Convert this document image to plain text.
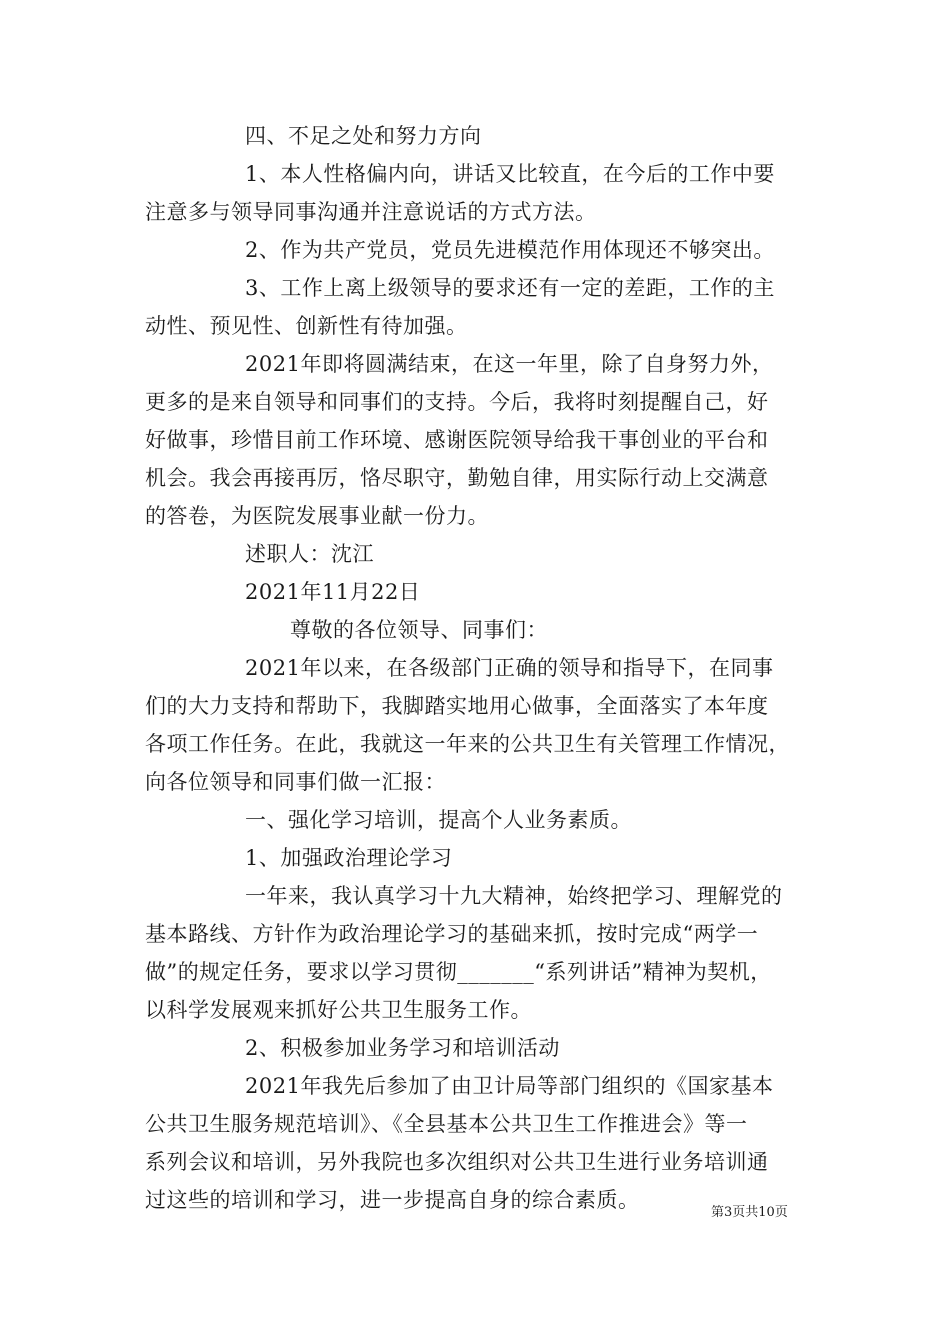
四、不足之处和努力方向
1、本人性格偏内向，讲话又比较直，在今后的工作中要
注意多与领导同事沟通并注意说话的方式方法。
2、作为共产党员，党员先进模范作用体现还不够突出。
3、工作上离上级领导的要求还有一定的差距，工作的主
动性、预见性、创新性有待加强。
2021年即将圆满结束，在这一年里，除了自身努力外，
更多的是来自领导和同事们的支持。今后，我将时刻提醒自己，好
好做事，珍惜目前工作环境、感谢医院领导给我干事创业的平台和
机会。我会再接再厉，恪尽职守，勤勉自律，用实际行动上交满意
的答卷，为医院发展事业献一份力。
述职人：沈江
2021年11月22日
尊敬的各位领导、同事们：
2021年以来，在各级部门正确的领导和指导下，在同事
们的大力支持和帮助下，我脚踏实地用心做事，全面落实了本年度
各项工作任务。在此，我就这一年来的公共卫生有关管理工作情况，
向各位领导和同事们做一汇报：
一、强化学习培训，提高个人业务素质。
1、加强政治理论学习
一年来，我认真学习十九大精神，始终把学习、理解党的
基本路线、方针作为政治理论学习的基础来抓，按时完成“两学一
做”的规定任务，要求以学习贯彻_______“系列讲话”精神为契机，
以科学发展观来抓好公共卫生服务工作。
2、积极参加业务学习和培训活动
2021年我先后参加了由卫计局等部门组织的《国家基本
公共卫生服务规范培训》、《全县基本公共卫生工作推进会》等一
系列会议和培训，另外我院也多次组织对公共卫生进行业务培训通
过这些的培训和学习，进一步提高自身的综合素质。
第3页共10页
